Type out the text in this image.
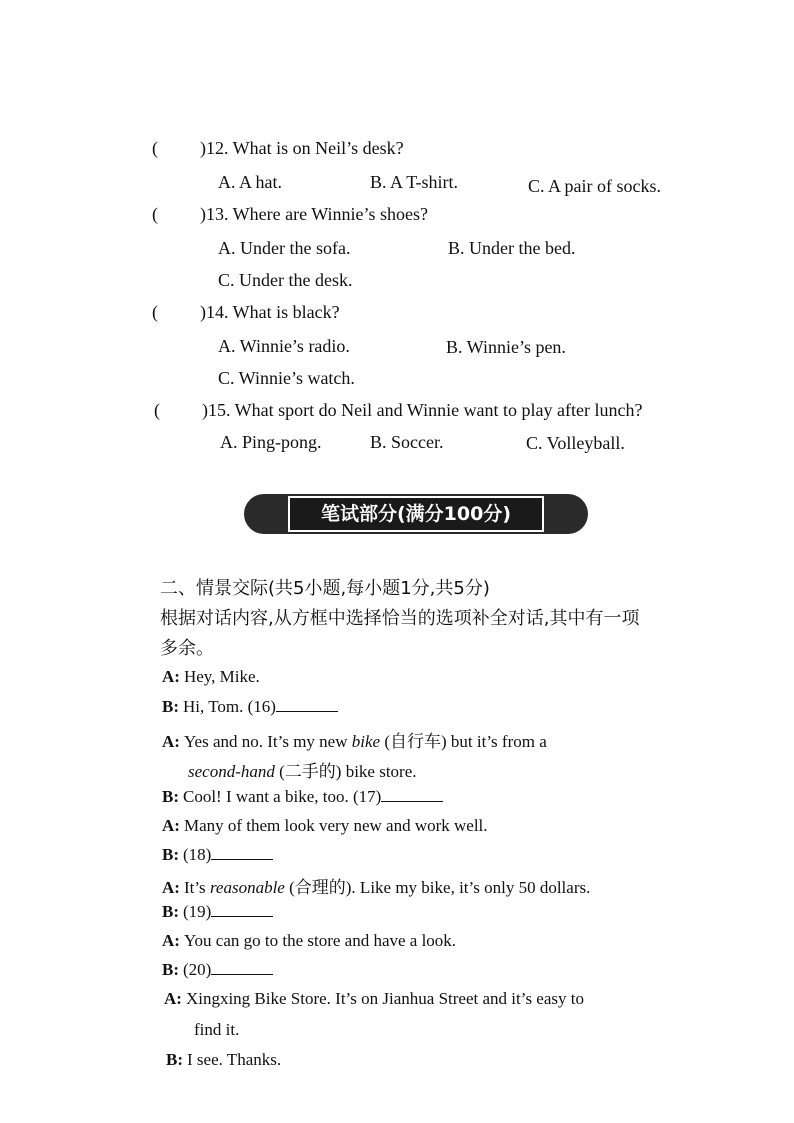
(    )12. What is on Neil’s desk?
A. A hat.	B. A T-shirt.	C. A pair of socks.
(    )13. Where are Winnie’s shoes?
A. Under the sofa.	B. Under the bed.
C. Under the desk.
(    )14. What is black?
A. Winnie’s radio.	B. Winnie’s pen.
C. Winnie’s watch.
(    )15. What sport do Neil and Winnie want to play after lunch?
A. Ping-pong.	B. Soccer.	C. Volleyball.
笔试部分(满分100分)
二、情景交际(共5小题,每小题1分,共5分)
根据对话内容,从方框中选择恰当的选项补全对话,其中有一项
多余。
A: Hey, Mike.
B: Hi, Tom. (16)
A: Yes and no. It’s my new bike (自行车) but it’s from a
second-hand (二手的) bike store.
B: Cool! I want a bike, too. (17)
A: Many of them look very new and work well.
B: (18)
A: It’s reasonable (合理的). Like my bike, it’s only 50 dollars.
B: (19)
A: You can go to the store and have a look.
B: (20)
A: Xingxing Bike Store. It’s on Jianhua Street and it’s easy to
find it.
B: I see. Thanks.
